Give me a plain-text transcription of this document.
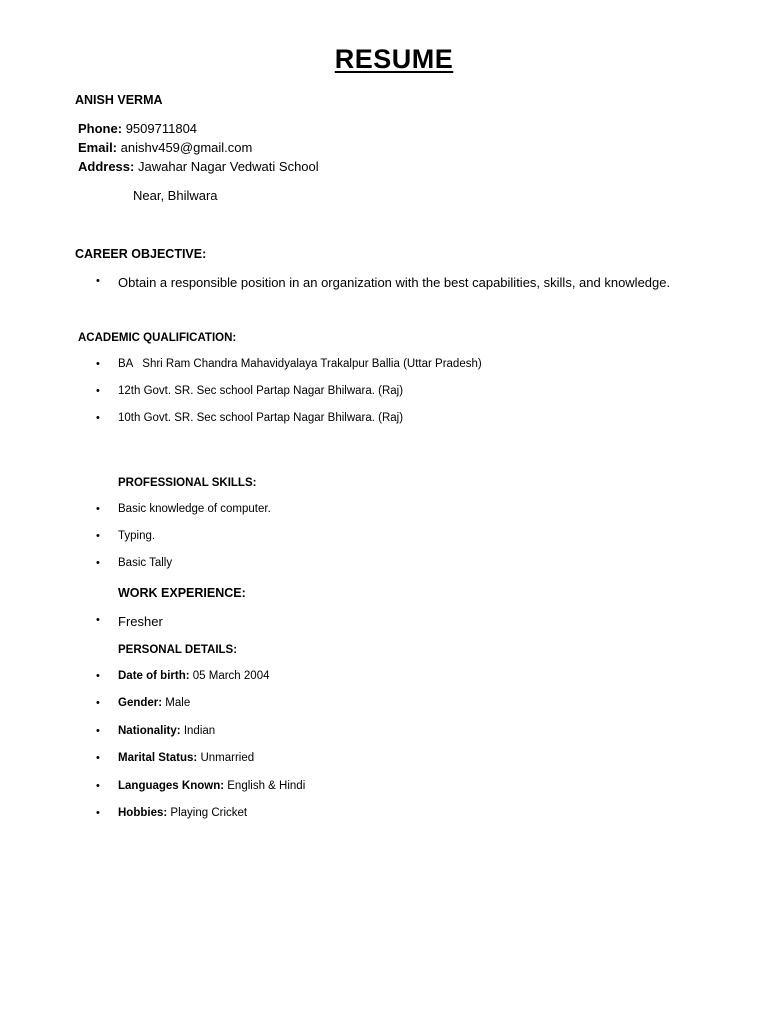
RESUME
ANISH VERMA
Phone: 9509711804
Email: anishv459@gmail.com
Address: Jawahar Nagar Vedwati School
Near, Bhilwara
CAREER OBJECTIVE:
• Obtain a responsible position in an organization with the best capabilities, skills, and knowledge.
ACADEMIC QUALIFICATION:
• BA   Shri Ram Chandra Mahavidyalaya Trakalpur Ballia (Uttar Pradesh)
• 12th Govt. SR. Sec school Partap Nagar Bhilwara. (Raj)
• 10th Govt. SR. Sec school Partap Nagar Bhilwara. (Raj)
PROFESSIONAL SKILLS:
• Basic knowledge of computer.
• Typing.
• Basic Tally
WORK EXPERIENCE:
• Fresher
PERSONAL DETAILS:
• Date of birth: 05 March 2004
• Gender: Male
• Nationality: Indian
• Marital Status: Unmarried
• Languages Known: English & Hindi
• Hobbies: Playing Cricket
